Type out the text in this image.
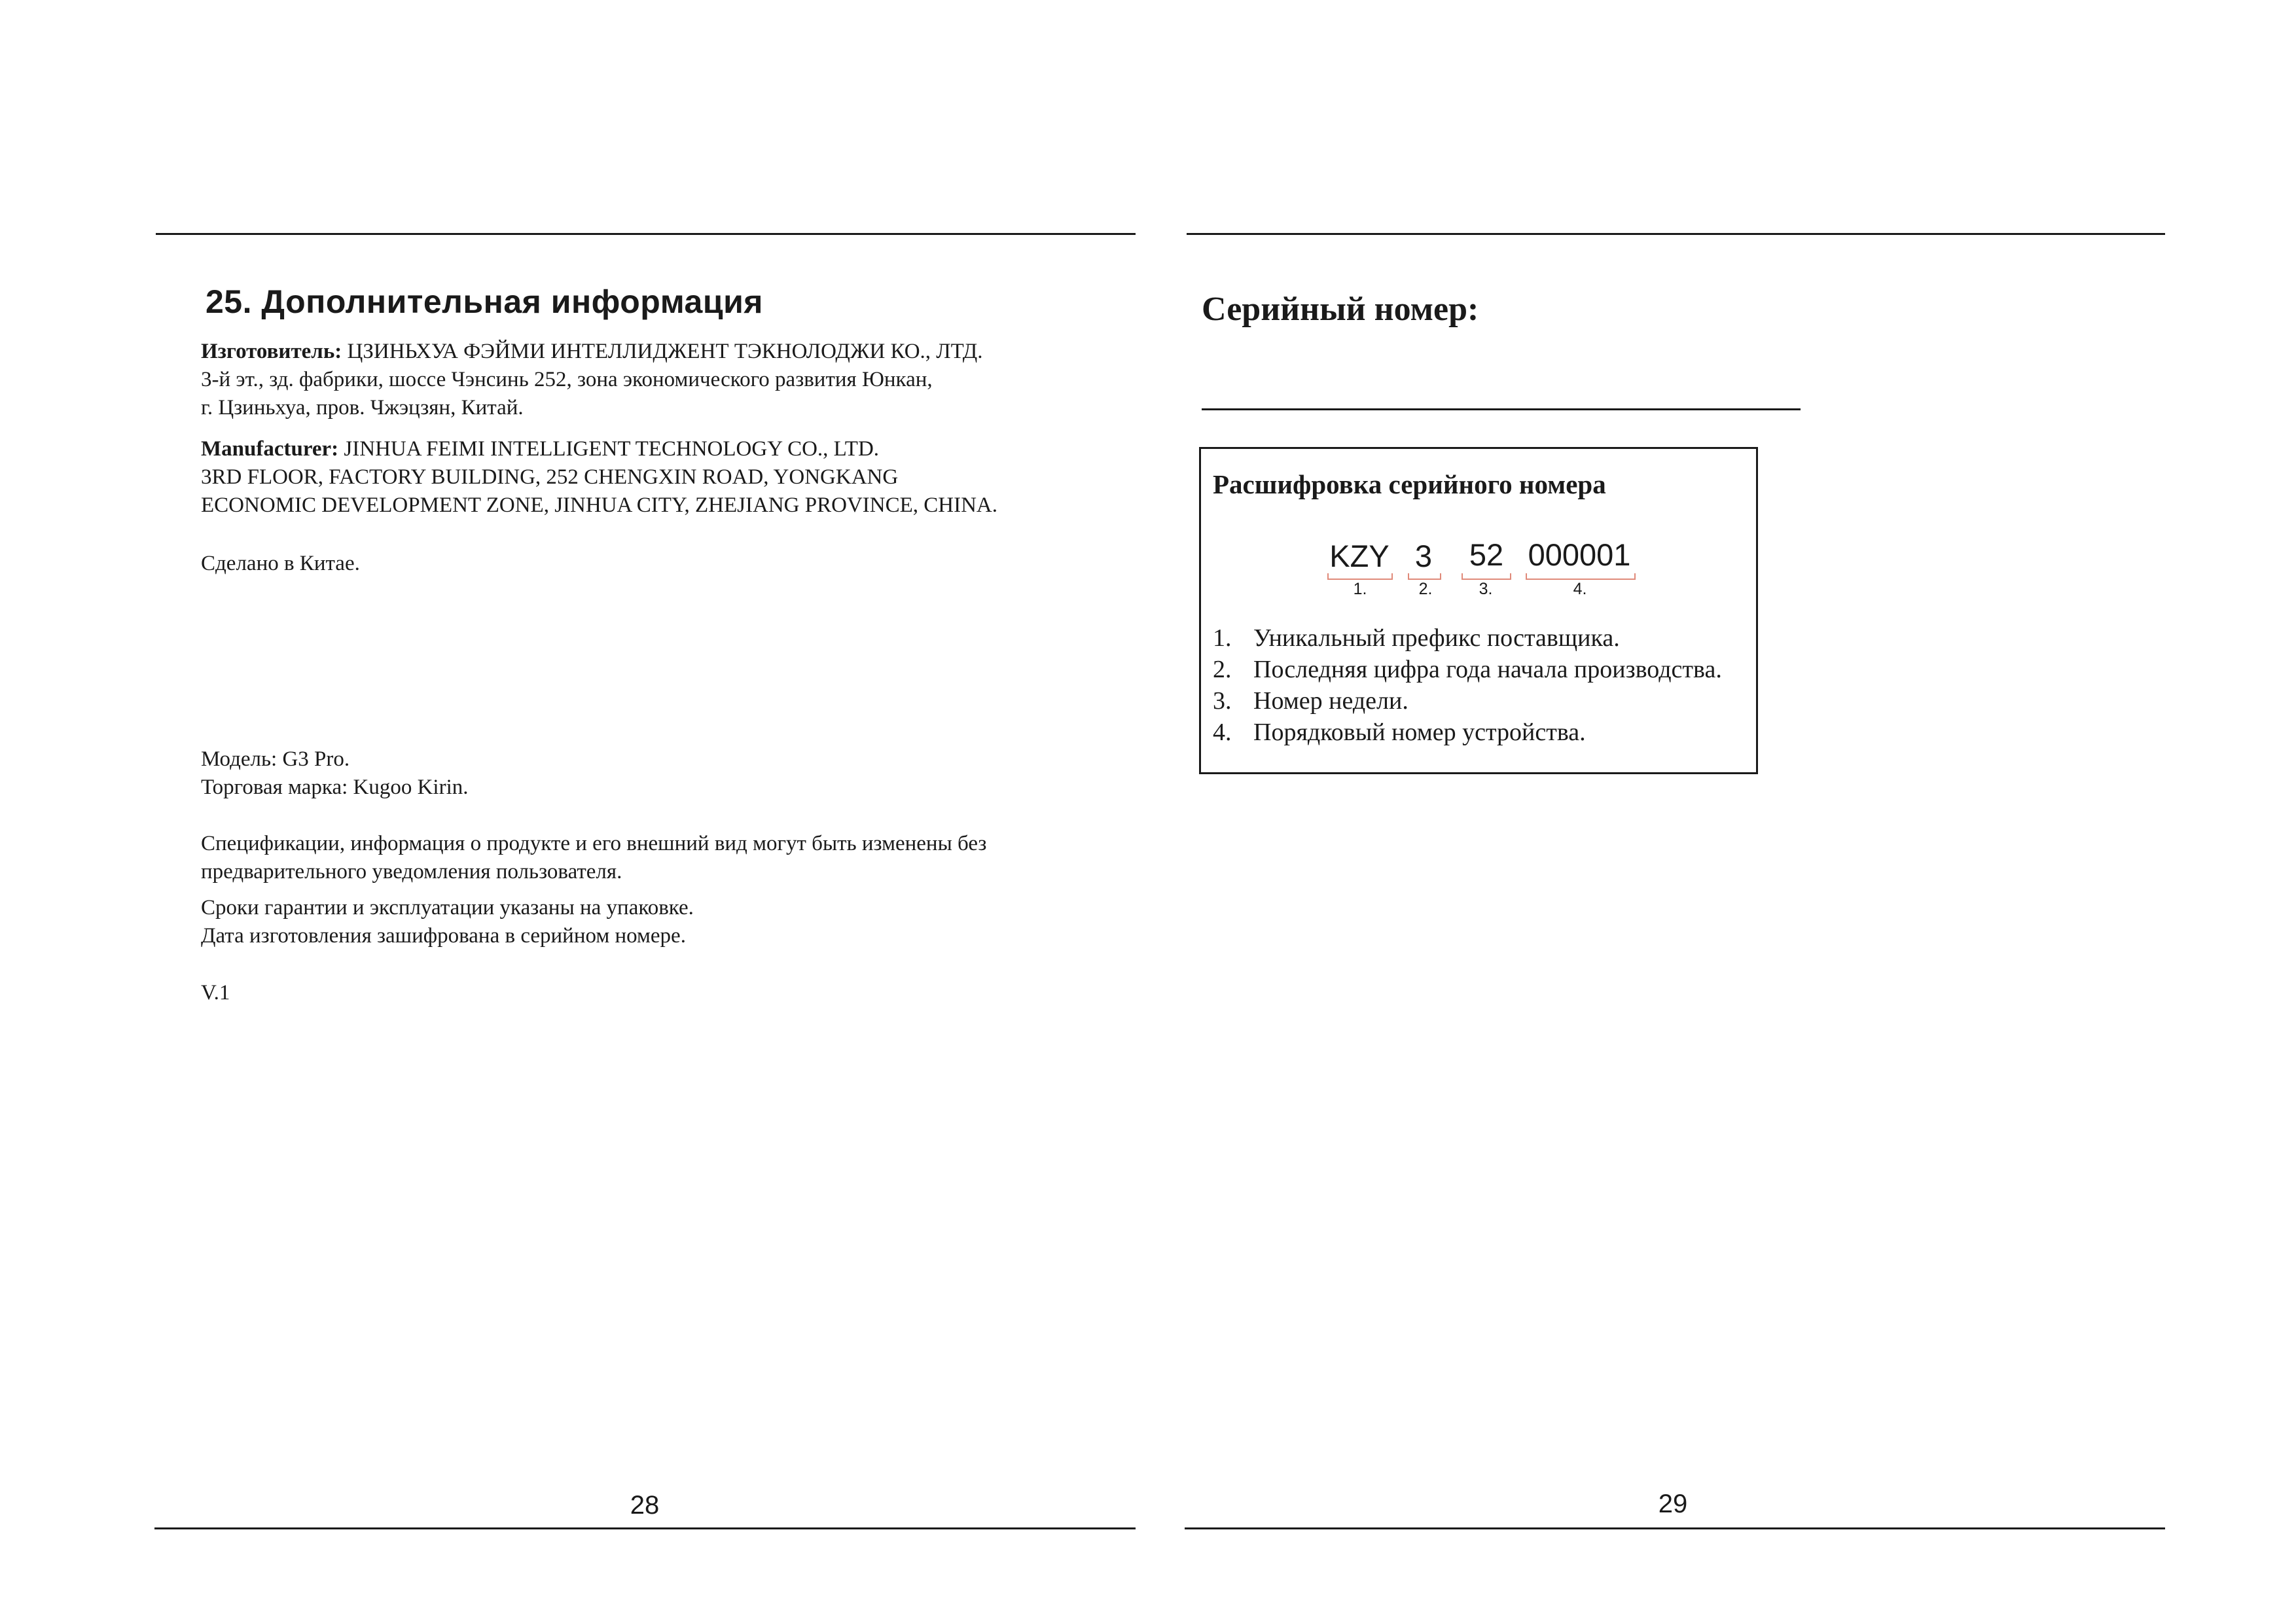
25. Дополнительная информация
Изготовитель: ЦЗИНЬХУА ФЭЙМИ ИНТЕЛЛИДЖЕНТ ТЭКНОЛОДЖИ КО., ЛТД.
3-й эт., зд. фабрики, шоссе Чэнсинь 252, зона экономического развития Юнкан,
г. Цзиньхуа, пров. Чжэцзян, Китай.
Manufacturer: JINHUA FEIMI INTELLIGENT TECHNOLOGY CO., LTD.
3RD FLOOR, FACTORY BUILDING, 252 CHENGXIN ROAD, YONGKANG
ECONOMIC DEVELOPMENT ZONE, JINHUA CITY, ZHEJIANG PROVINCE, CHINA.
Сделано в Китае.
Модель: G3 Pro.
Торговая марка: Kugoo Kirin.
Спецификации, информация о продукте и его внешний вид могут быть изменены без
предварительного уведомления пользователя.
Сроки гарантии и эксплуатации указаны на упаковке.
Дата изготовления зашифрована в серийном номере.
V.1
28
Серийный номер:
Расшифровка серийного номера
KZY
1.
3
2.
52
3.
000001
4.
1. Уникальный префикс поставщика.
2. Последняя цифра года начала производства.
3. Номер недели.
4. Порядковый номер устройства.
29
